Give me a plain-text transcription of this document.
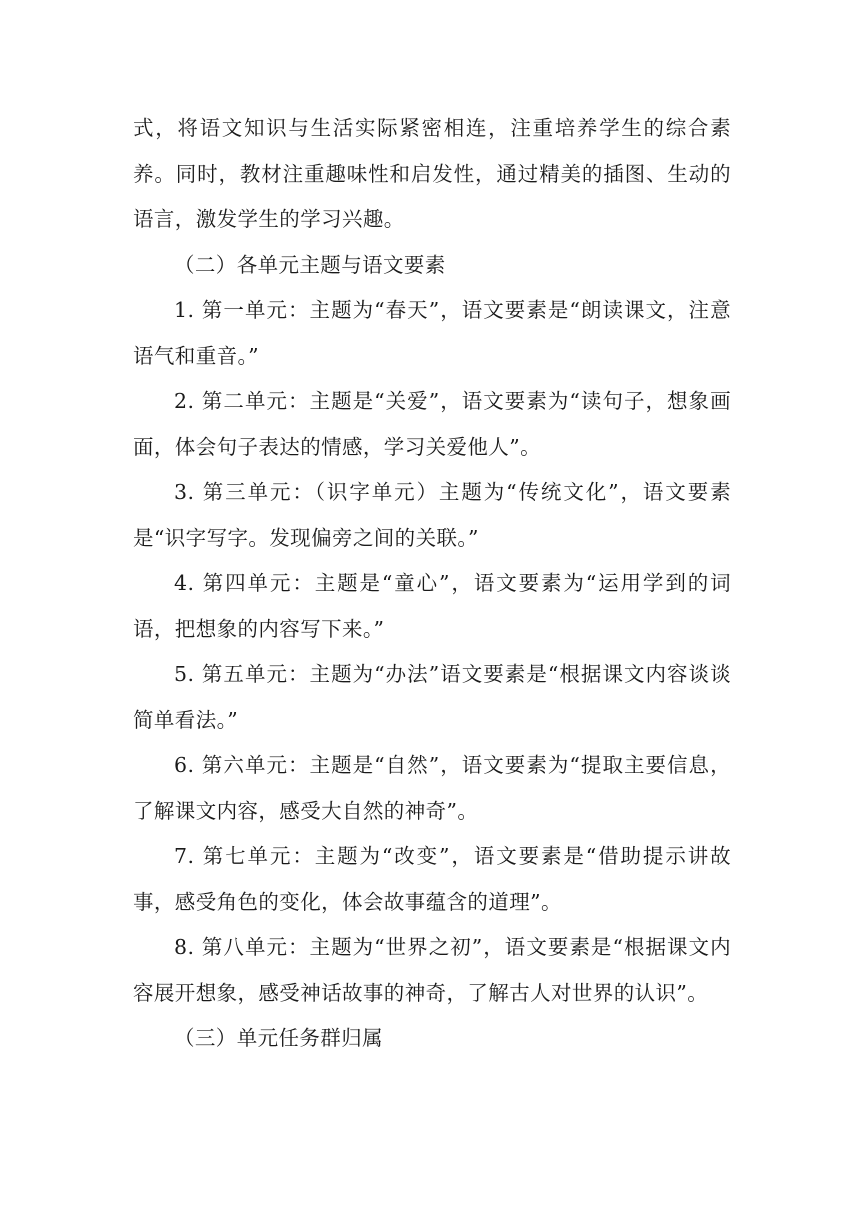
式，将语文知识与生活实际紧密相连，注重培养学生的综合素养。同时，教材注重趣味性和启发性，通过精美的插图、生动的语言，激发学生的学习兴趣。

（二）各单元主题与语文要素

1. 第一单元：主题为“春天”，语文要素是“朗读课文，注意语气和重音。”

2. 第二单元：主题是“关爱”，语文要素为“读句子，想象画面，体会句子表达的情感，学习关爱他人”。

3. 第三单元：（识字单元）主题为“传统文化”，语文要素是“识字写字。发现偏旁之间的关联。”

4. 第四单元：主题是“童心”，语文要素为“运用学到的词语，把想象的内容写下来。”

5. 第五单元：主题为“办法”语文要素是“根据课文内容谈谈简单看法。”

6. 第六单元：主题是“自然”，语文要素为“提取主要信息，了解课文内容，感受大自然的神奇”。

7. 第七单元：主题为“改变”，语文要素是“借助提示讲故事，感受角色的变化，体会故事蕴含的道理”。

8. 第八单元：主题为“世界之初”，语文要素是“根据课文内容展开想象，感受神话故事的神奇，了解古人对世界的认识”。

（三）单元任务群归属
